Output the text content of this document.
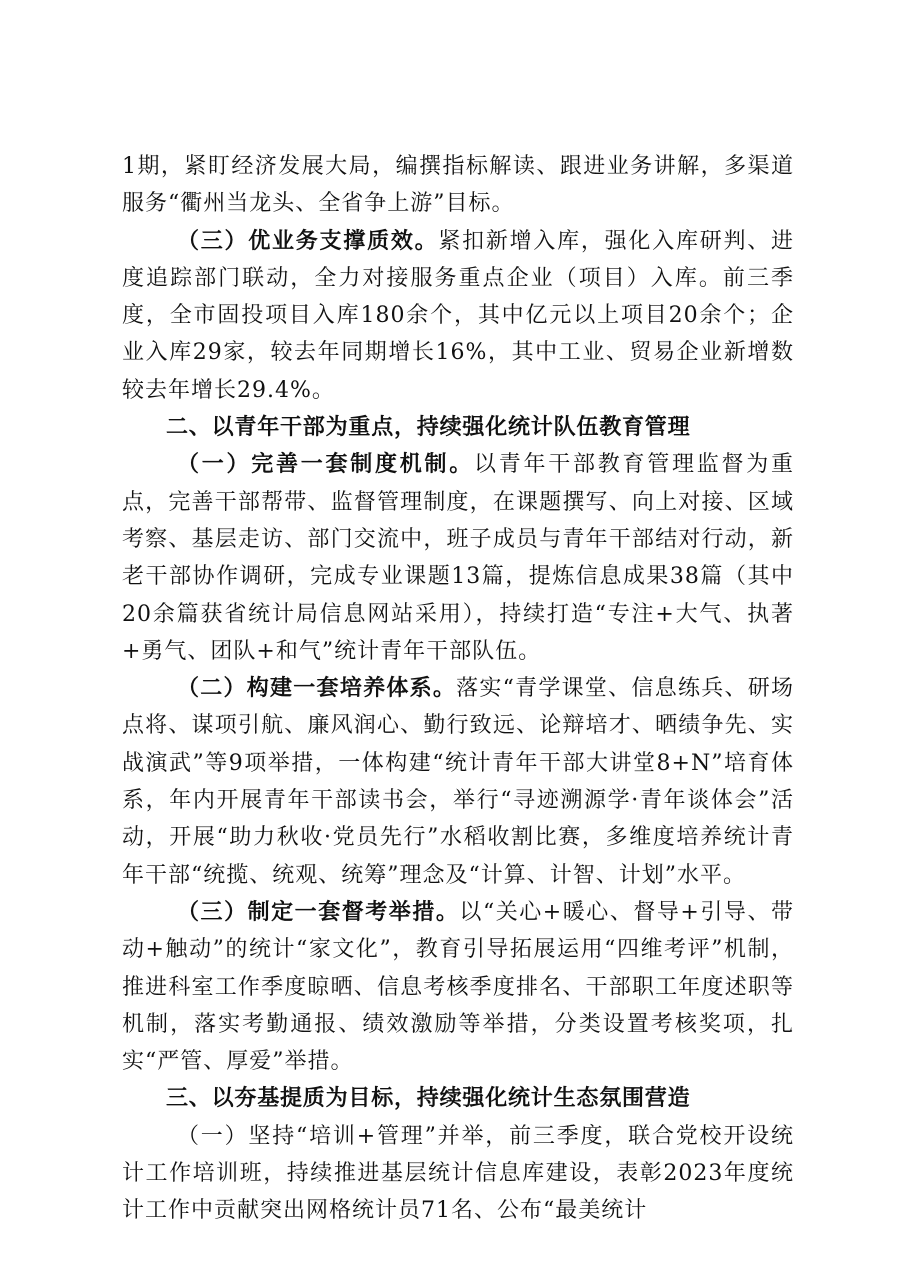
1期，紧盯经济发展大局，编撰指标解读、跟进业务讲解，多渠道服务“衢州当龙头、全省争上游”目标。

（三）优业务支撑质效。紧扣新增入库，强化入库研判、进度追踪部门联动，全力对接服务重点企业（项目）入库。前三季度，全市固投项目入库180余个，其中亿元以上项目20余个；企业入库29家，较去年同期增长16%，其中工业、贸易企业新增数较去年增长29.4%。

二、以青年干部为重点，持续强化统计队伍教育管理

（一）完善一套制度机制。以青年干部教育管理监督为重点，完善干部帮带、监督管理制度，在课题撰写、向上对接、区域考察、基层走访、部门交流中，班子成员与青年干部结对行动，新老干部协作调研，完成专业课题13篇，提炼信息成果38篇（其中20余篇获省统计局信息网站采用），持续打造“专注+大气、执著+勇气、团队+和气”统计青年干部队伍。

（二）构建一套培养体系。落实“青学课堂、信息练兵、研场点将、谋项引航、廉风润心、勤行致远、论辩培才、晒绩争先、实战演武”等9项举措，一体构建“统计青年干部大讲堂8+N”培育体系，年内开展青年干部读书会，举行“寻迹溯源学·青年谈体会”活动，开展“助力秋收·党员先行”水稻收割比赛，多维度培养统计青年干部“统揽、统观、统筹”理念及“计算、计智、计划”水平。

（三）制定一套督考举措。以“关心+暖心、督导+引导、带动+触动”的统计“家文化”，教育引导拓展运用“四维考评”机制，推进科室工作季度晾晒、信息考核季度排名、干部职工年度述职等机制，落实考勤通报、绩效激励等举措，分类设置考核奖项，扎实“严管、厚爱”举措。

三、以夯基提质为目标，持续强化统计生态氛围营造

（一）坚持“培训+管理”并举，前三季度，联合党校开设统计工作培训班，持续推进基层统计信息库建设，表彰2023年度统计工作中贡献突出网格统计员71名、公布“最美统计
